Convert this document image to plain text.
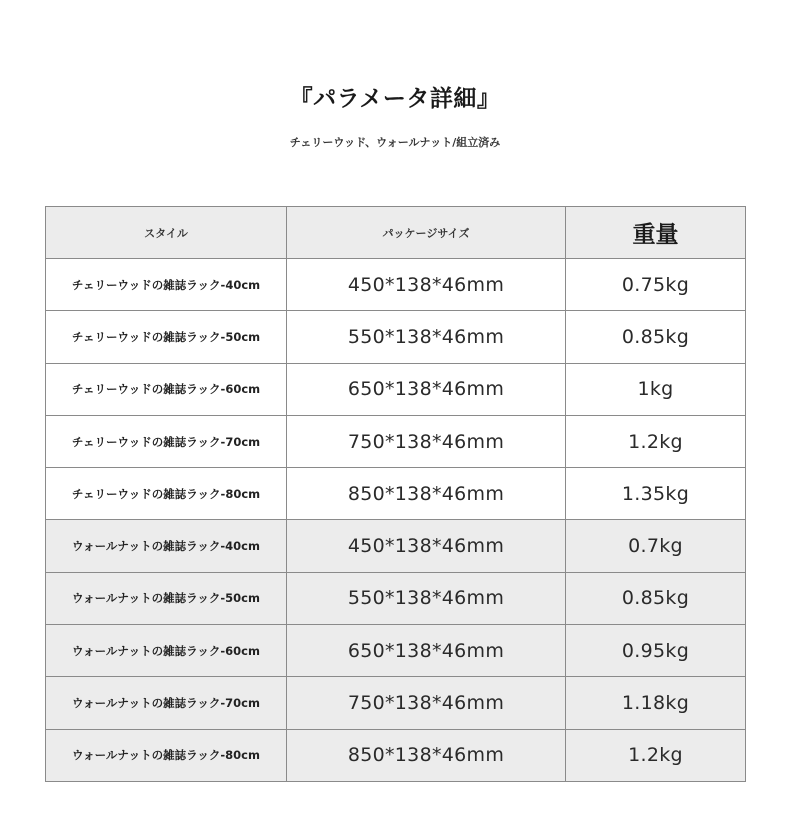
『パラメータ詳細』
チェリーウッド、ウォールナット/組立済み
スタイル	パッケージサイズ	重量
チェリーウッドの雑誌ラック-40cm	450*138*46mm	0.75kg
チェリーウッドの雑誌ラック-50cm	550*138*46mm	0.85kg
チェリーウッドの雑誌ラック-60cm	650*138*46mm	1kg
チェリーウッドの雑誌ラック-70cm	750*138*46mm	1.2kg
チェリーウッドの雑誌ラック-80cm	850*138*46mm	1.35kg
ウォールナットの雑誌ラック-40cm	450*138*46mm	0.7kg
ウォールナットの雑誌ラック-50cm	550*138*46mm	0.85kg
ウォールナットの雑誌ラック-60cm	650*138*46mm	0.95kg
ウォールナットの雑誌ラック-70cm	750*138*46mm	1.18kg
ウォールナットの雑誌ラック-80cm	850*138*46mm	1.2kg
